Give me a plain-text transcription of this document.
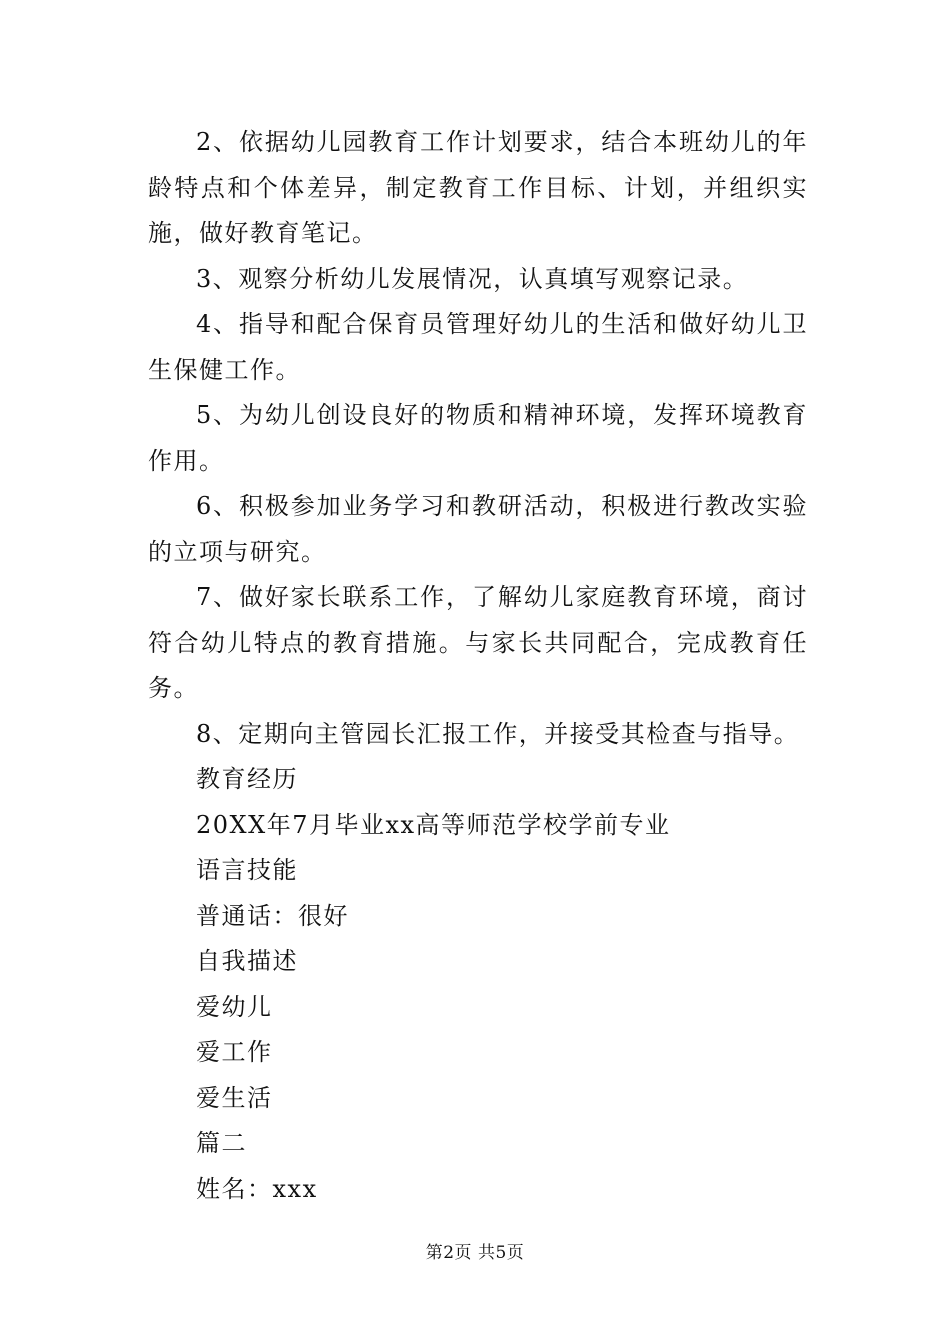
2、依据幼儿园教育工作计划要求，结合本班幼儿的年龄特点和个体差异，制定教育工作目标、计划，并组织实施，做好教育笔记。

3、观察分析幼儿发展情况，认真填写观察记录。

4、指导和配合保育员管理好幼儿的生活和做好幼儿卫生保健工作。

5、为幼儿创设良好的物质和精神环境，发挥环境教育作用。

6、积极参加业务学习和教研活动，积极进行教改实验的立项与研究。

7、做好家长联系工作，了解幼儿家庭教育环境，商讨符合幼儿特点的教育措施。与家长共同配合，完成教育任务。

8、定期向主管园长汇报工作，并接受其检查与指导。

教育经历

20XX年7月毕业xx高等师范学校学前专业

语言技能

普通话：很好

自我描述

爱幼儿

爱工作

爱生活

篇二

姓名：xxx

第2页 共5页
